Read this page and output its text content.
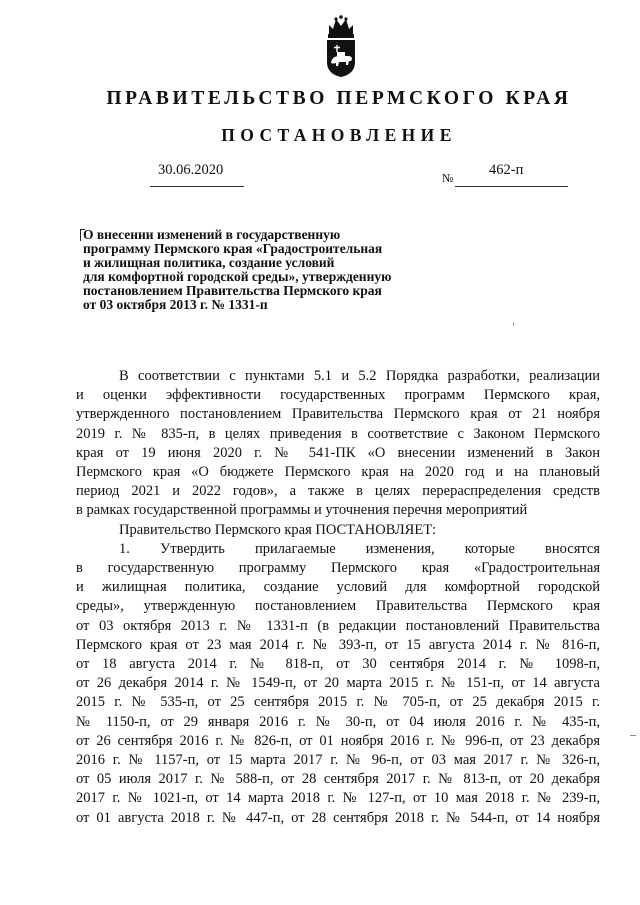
ПРАВИТЕЛЬСТВО ПЕРМСКОГО КРАЯ
ПОСТАНОВЛЕНИЕ
30.06.2020	№ 462-п
О внесении изменений в государственную
программу Пермского края «Градостроительная
и жилищная политика, создание условий
для комфортной городской среды», утвержденную
постановлением Правительства Пермского края
от 03 октября 2013 г. № 1331-п
В соответствии с пунктами 5.1 и 5.2 Порядка разработки, реализации
и оценки эффективности государственных программ Пермского края,
утвержденного постановлением Правительства Пермского края от 21 ноября
2019 г. № 835-п, в целях приведения в соответствие с Законом Пермского
края от 19 июня 2020 г. № 541-ПК «О внесении изменений в Закон
Пермского края «О бюджете Пермского края на 2020 год и на плановый
период 2021 и 2022 годов», а также в целях перераспределения средств
в рамках государственной программы и уточнения перечня мероприятий
Правительство Пермского края ПОСТАНОВЛЯЕТ:
1. Утвердить прилагаемые изменения, которые вносятся
в государственную программу Пермского края «Градостроительная
и жилищная политика, создание условий для комфортной городской
среды», утвержденную постановлением Правительства Пермского края
от 03 октября 2013 г. № 1331-п (в редакции постановлений Правительства
Пермского края от 23 мая 2014 г. № 393-п, от 15 августа 2014 г. № 816-п,
от 18 августа 2014 г. № 818-п, от 30 сентября 2014 г. № 1098-п,
от 26 декабря 2014 г. № 1549-п, от 20 марта 2015 г. № 151-п, от 14 августа
2015 г. № 535-п, от 25 сентября 2015 г. № 705-п, от 25 декабря 2015 г.
№ 1150-п, от 29 января 2016 г. № 30-п, от 04 июля 2016 г. № 435-п,
от 26 сентября 2016 г. № 826-п, от 01 ноября 2016 г. № 996-п, от 23 декабря
2016 г. № 1157-п, от 15 марта 2017 г. № 96-п, от 03 мая 2017 г. № 326-п,
от 05 июля 2017 г. № 588-п, от 28 сентября 2017 г. № 813-п, от 20 декабря
2017 г. № 1021-п, от 14 марта 2018 г. № 127-п, от 10 мая 2018 г. № 239-п,
от 01 августа 2018 г. № 447-п, от 28 сентября 2018 г. № 544-п, от 14 ноября
